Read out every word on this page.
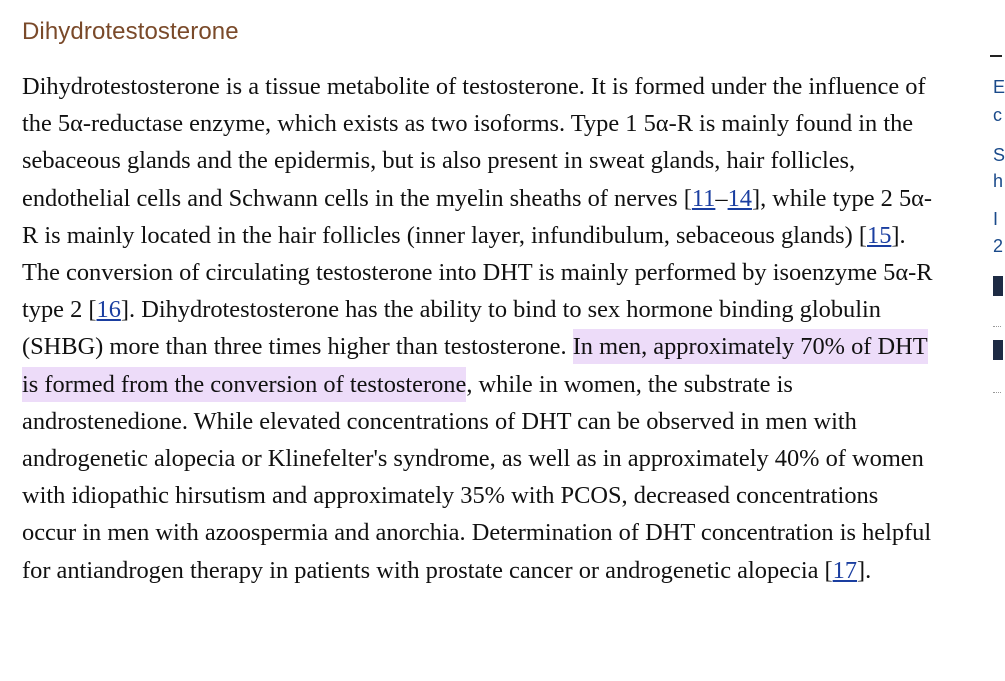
Dihydrotestosterone

Dihydrotestosterone is a tissue metabolite of testosterone. It is formed under the influence of the 5α-reductase enzyme, which exists as two isoforms. Type 1 5α-R is mainly found in the sebaceous glands and the epidermis, but is also present in sweat glands, hair follicles, endothelial cells and Schwann cells in the myelin sheaths of nerves [11–14], while type 2 5α-R is mainly located in the hair follicles (inner layer, infundibulum, sebaceous glands) [15]. The conversion of circulating testosterone into DHT is mainly performed by isoenzyme 5α-R type 2 [16]. Dihydrotestosterone has the ability to bind to sex hormone binding globulin (SHBG) more than three times higher than testosterone. In men, approximately 70% of DHT is formed from the conversion of testosterone, while in women, the substrate is androstenedione. While elevated concentrations of DHT can be observed in men with androgenetic alopecia or Klinefelter's syndrome, as well as in approximately 40% of women with idiopathic hirsutism and approximately 35% with PCOS, decreased concentrations occur in men with azoospermia and anorchia. Determination of DHT concentration is helpful for antiandrogen therapy in patients with prostate cancer or androgenetic alopecia [17].

E
c
S
h
I
2
